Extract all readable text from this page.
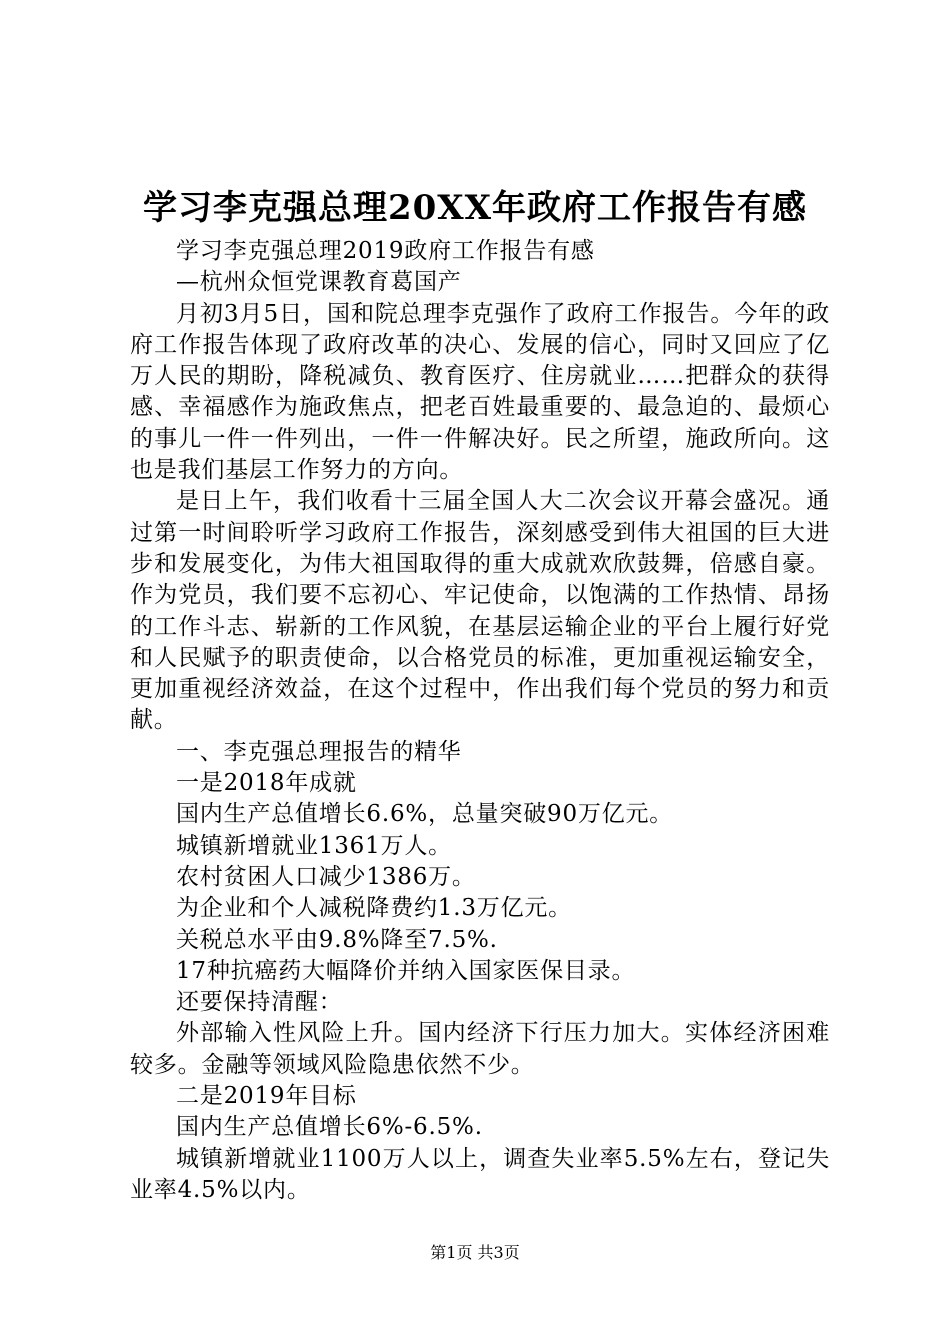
学习李克强总理20XX年政府工作报告有感

学习李克强总理2019政府工作报告有感

—杭州众恒党课教育葛国产

月初3月5日，国和院总理李克强作了政府工作报告。今年的政府工作报告体现了政府改革的决心、发展的信心，同时又回应了亿万人民的期盼，降税减负、教育医疗、住房就业……把群众的获得感、幸福感作为施政焦点，把老百姓最重要的、最急迫的、最烦心的事儿一件一件列出，一件一件解决好。民之所望，施政所向。这也是我们基层工作努力的方向。

是日上午，我们收看十三届全国人大二次会议开幕会盛况。通过第一时间聆听学习政府工作报告，深刻感受到伟大祖国的巨大进步和发展变化，为伟大祖国取得的重大成就欢欣鼓舞，倍感自豪。作为党员，我们要不忘初心、牢记使命，以饱满的工作热情、昂扬的工作斗志、崭新的工作风貌，在基层运输企业的平台上履行好党和人民赋予的职责使命，以合格党员的标准，更加重视运输安全，更加重视经济效益，在这个过程中，作出我们每个党员的努力和贡献。

一、李克强总理报告的精华

一是2018年成就

国内生产总值增长6.6%，总量突破90万亿元。

城镇新增就业1361万人。

农村贫困人口减少1386万。

为企业和个人减税降费约1.3万亿元。

关税总水平由9.8%降至7.5%.

17种抗癌药大幅降价并纳入国家医保目录。

还要保持清醒：

外部输入性风险上升。国内经济下行压力加大。实体经济困难较多。金融等领域风险隐患依然不少。

二是2019年目标

国内生产总值增长6%-6.5%.

城镇新增就业1100万人以上，调查失业率5.5%左右，登记失业率4.5%以内。

第1页 共3页
